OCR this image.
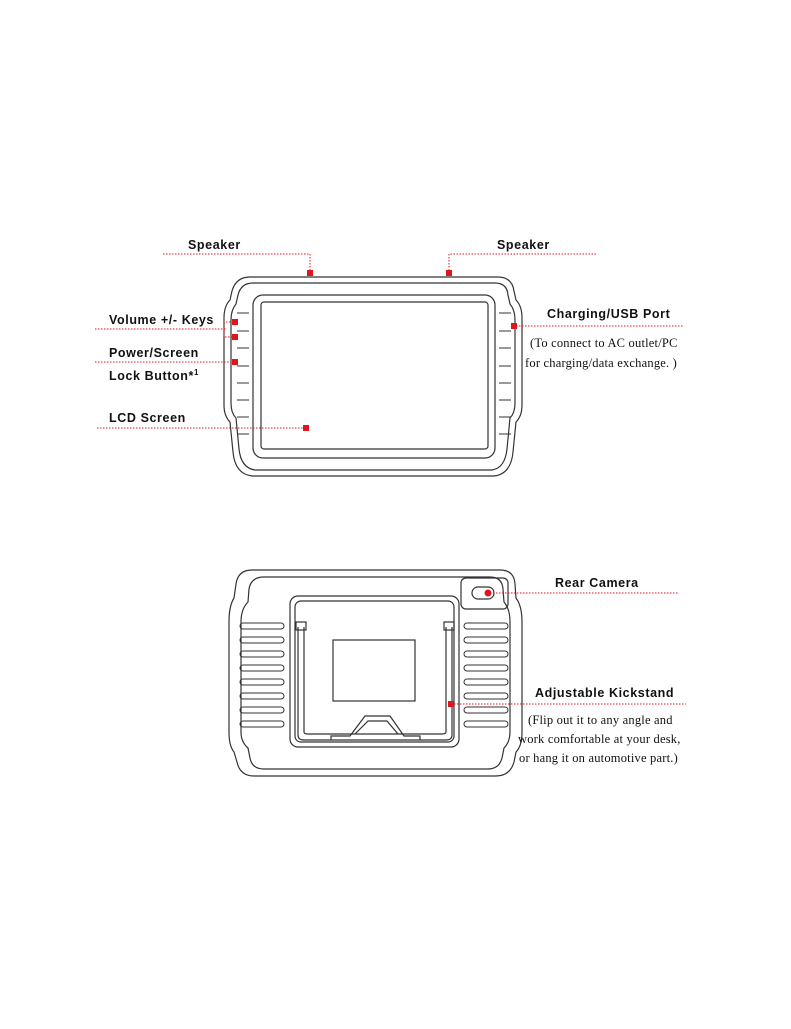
Speaker	Speaker
Volume +/- Keys
Power/Screen
Lock Button*$^1$
LCD Screen
Charging/USB Port
(To connect to AC outlet/PC
for charging/data exchange. )
Rear Camera
Adjustable Kickstand
(Flip out it to any angle and
work comfortable at your desk,
or hang it on automotive part.)
